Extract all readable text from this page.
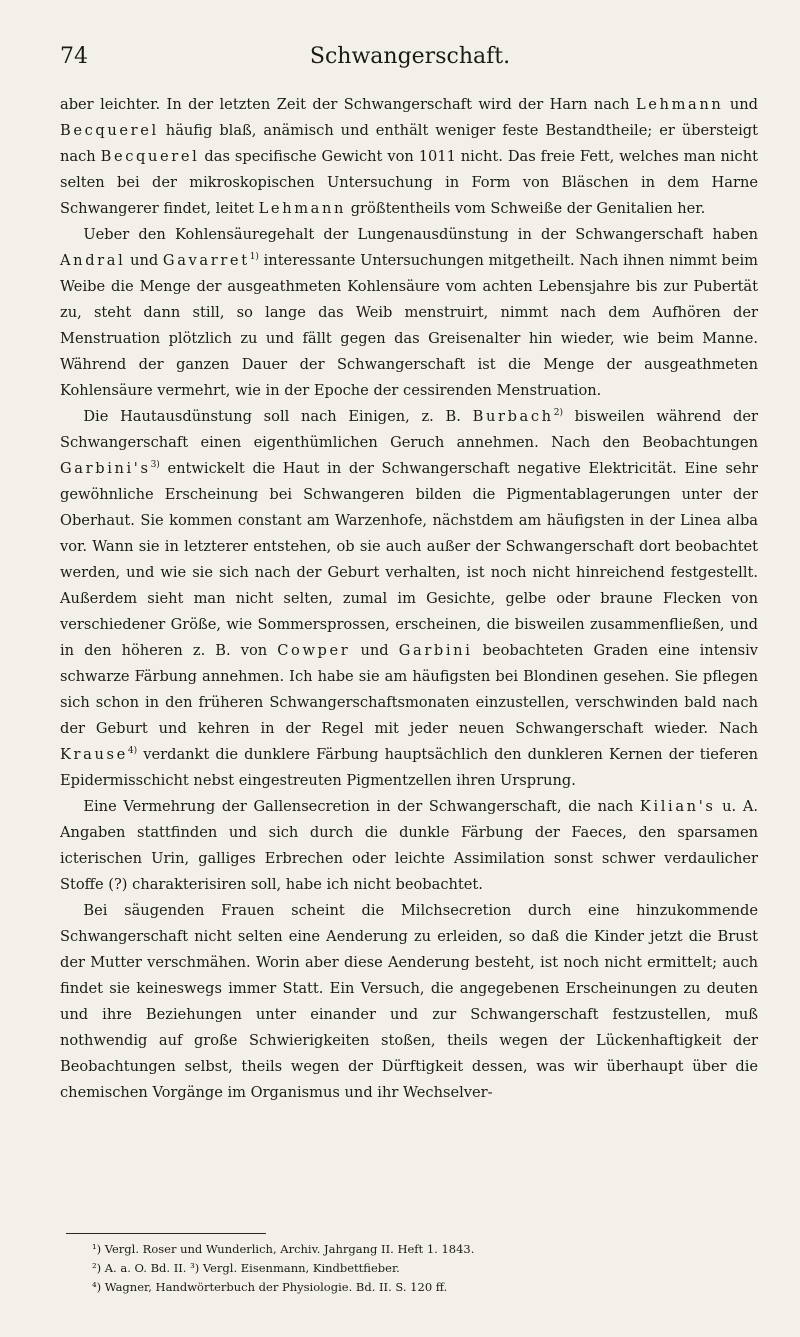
74	Schwangerschaft.

aber leichter. In der letzten Zeit der Schwangerschaft wird der Harn nach Lehmann und Becquerel häufig blaß, anämisch und enthält weniger feste Bestandtheile; er übersteigt nach Becquerel das specifische Gewicht von 1011 nicht. Das freie Fett, welches man nicht selten bei der mikroskopischen Untersuchung in Form von Bläschen in dem Harne Schwangerer findet, leitet Lehmann größtentheils vom Schweiße der Genitalien her.

Ueber den Kohlensäuregehalt der Lungenausdünstung in der Schwangerschaft haben Andral und Gavarret$^{1)}$ interessante Untersuchungen mitgetheilt. Nach ihnen nimmt beim Weibe die Menge der ausgeathmeten Kohlensäure vom achten Lebensjahre bis zur Pubertät zu, steht dann still, so lange das Weib menstruirt, nimmt nach dem Aufhören der Menstruation plötzlich zu und fällt gegen das Greisenalter hin wieder, wie beim Manne. Während der ganzen Dauer der Schwangerschaft ist die Menge der ausgeathmeten Kohlensäure vermehrt, wie in der Epoche der cessirenden Menstruation.

Die Hautausdünstung soll nach Einigen, z. B. Burbach$^{2)}$ bisweilen während der Schwangerschaft einen eigenthümlichen Geruch annehmen. Nach den Beobachtungen $Garbini's^{3)}$ entwickelt die Haut in der Schwangerschaft negative Elektricität. Eine sehr gewöhnliche Erscheinung bei Schwangeren bilden die Pigmentablagerungen unter der Oberhaut. Sie kommen constant am Warzenhofe, nächstdem am häufigsten in der Linea alba vor. Wann sie in letzterer entstehen, ob sie auch außer der Schwangerschaft dort beobachtet werden, und wie sie sich nach der Geburt verhalten, ist noch nicht hinreichend festgestellt. Außerdem sieht man nicht selten, zumal im Gesichte, gelbe oder braune Flecken von verschiedener Größe, wie Sommersprossen, erscheinen, die bisweilen zusammenfließen, und in den höheren z. B. von Cowper und Garbini beobachteten Graden eine intensiv schwarze Färbung annehmen. Ich habe sie am häufigsten bei Blondinen gesehen. Sie pflegen sich schon in den früheren Schwangerschaftsmonaten einzustellen, verschwinden bald nach der Geburt und kehren in der Regel mit jeder neuen Schwangerschaft wieder. Nach Krause$^{4)}$ verdankt die dunklere Färbung hauptsächlich den dunkleren Kernen der tieferen Epidermisschicht nebst eingestreuten Pigmentzellen ihren Ursprung.

Eine Vermehrung der Gallensecretion in der Schwangerschaft, die nach Kilian's u. A. Angaben stattfinden und sich durch die dunkle Färbung der Faeces, den sparsamen icterischen Urin, galliges Erbrechen oder leichte Assimilation sonst schwer verdaulicher Stoffe (?) charakterisiren soll, habe ich nicht beobachtet.

Bei säugenden Frauen scheint die Milchsecretion durch eine hinzukommende Schwangerschaft nicht selten eine Aenderung zu erleiden, so daß die Kinder jetzt die Brust der Mutter verschmähen. Worin aber diese Aenderung besteht, ist noch nicht ermittelt; auch findet sie keineswegs immer Statt. Ein Versuch, die angegebenen Erscheinungen zu deuten und ihre Beziehungen unter einander und zur Schwangerschaft festzustellen, muß nothwendig auf große Schwierigkeiten stoßen, theils wegen der Lückenhaftigkeit der Beobachtungen selbst, theils wegen der Dürftigkeit dessen, was wir überhaupt über die chemischen Vorgänge im Organismus und ihr Wechselver-

¹) Vergl. Roser und Wunderlich, Archiv. Jahrgang II. Heft 1. 1843.

²) A. a. O. Bd. II. ³) Vergl. Eisenmann, Kindbettfieber.

⁴) Wagner, Handwörterbuch der Physiologie. Bd. II. S. 120 ff.
